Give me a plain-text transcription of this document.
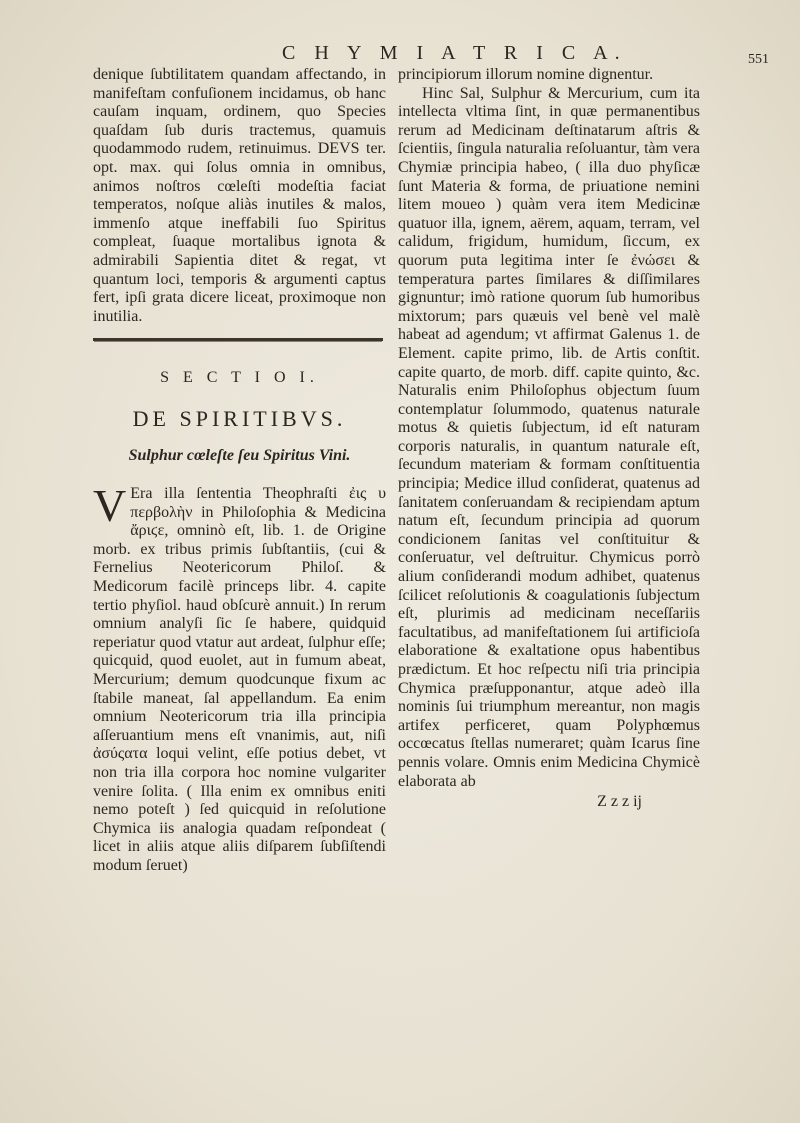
C H Y M I A T R I C A.	551

denique ſubtilitatem quandam affectando, in manifeſtam confuſionem incidamus, ob hanc cauſam inquam, ordinem, quo Species quaſdam ſub duris tractemus, quamuis quodammodo rudem, retinuimus. DEVS ter. opt. max. qui ſolus omnia in omnibus, animos noſtros cœleſti modeſtia faciat temperatos, noſque aliàs inutiles & malos, immenſo atque ineffabili ſuo Spiritus compleat, ſuaque mortalibus ignota & admirabili Sapientia ditet & regat, vt quantum loci, temporis & argumenti captus fert, ipſi grata dicere liceat, proximoque non inutilia.

S E C T I O I.
DE SPIRITIBVS.
Sulphur cœleſte ſeu Spiritus Vini.
V Era illa ſententia Theophraſti ἐις υ περβολὴν in Philoſophia & Medicina ἄριϛε, omninò eſt, lib. 1. de Origine morb. ex tribus primis ſubſtantiis, (cui & Fernelius Neotericorum Philoſ. & Medicorum facilè princeps libr. 4. capite tertio phyſiol. haud obſcurè annuit.) In rerum omnium analyſi ſic ſe habere, quidquid reperiatur quod vtatur aut ardeat, ſulphur eſſe; quicquid, quod euolet, aut in fumum abeat, Mercurium; demum quodcunque fixum ac ſtabile maneat, ſal appellandum. Ea enim omnium Neotericorum tria illa principia aſſeruantium mens eſt vnanimis, aut, niſi ἀσύςατα loqui velint, eſſe potius debet, vt non tria illa corpora hoc nomine vulgariter venire ſolita. ( Illa enim ex omnibus eniti nemo poteſt ) ſed quicquid in reſolutione Chymica iis analogia quadam reſpondeat ( licet in aliis atque aliis diſparem ſubſiſtendi modum ſeruet)

principiorum illorum nomine dignentur.

Hinc Sal, Sulphur & Mercurium, cum ita intellecta vltima ſint, in quæ permanentibus rerum ad Medicinam deſtinatarum aſtris & ſcientiis, ſingula naturalia reſoluantur, tàm vera Chymiæ principia habeo, ( illa duo phyſicæ ſunt Materia & forma, de priuatione nemini litem moueo ) quàm vera item Medicinæ quatuor illa, ignem, aërem, aquam, terram, vel calidum, frigidum, humidum, ſiccum, ex quorum puta legitima inter ſe ἐνώσει & temperatura partes ſimilares & diſſimilares gignuntur; imò ratione quorum ſub humoribus mixtorum; pars quæuis vel benè vel malè habeat ad agendum; vt affirmat Galenus 1. de Element. capite primo, lib. de Artis conſtit. capite quarto, de morb. diff. capite quinto, &c. Naturalis enim Philoſophus objectum ſuum contemplatur ſolummodo, quatenus naturale motus & quietis ſubjectum, id eſt naturam corporis naturalis, in quantum naturale eſt, ſecundum materiam & formam conſtituentia principia; Medice illud conſiderat, quatenus ad ſanitatem conſeruandam & recipiendam aptum natum eſt, ſecundum principia ad quorum condicionem ſanitas vel conſtituitur & conſeruatur, vel deſtruitur. Chymicus porrò alium conſiderandi modum adhibet, quatenus ſcilicet reſolutionis & coagulationis ſubjectum eſt, plurimis ad medicinam neceſſariis facultatibus, ad manifeſtationem ſui artificioſa elaboratione & exaltatione opus habentibus prædictum. Et hoc reſpectu niſi tria principia Chymica præſupponantur, atque adeò illa nominis ſui triumphum mereantur, non magis artifex perficeret, quam Polyphœmus occœcatus ſtellas numeraret; quàm Icarus ſine pennis volare. Omnis enim Medicina Chymicè elaborata ab

Z z z ij
